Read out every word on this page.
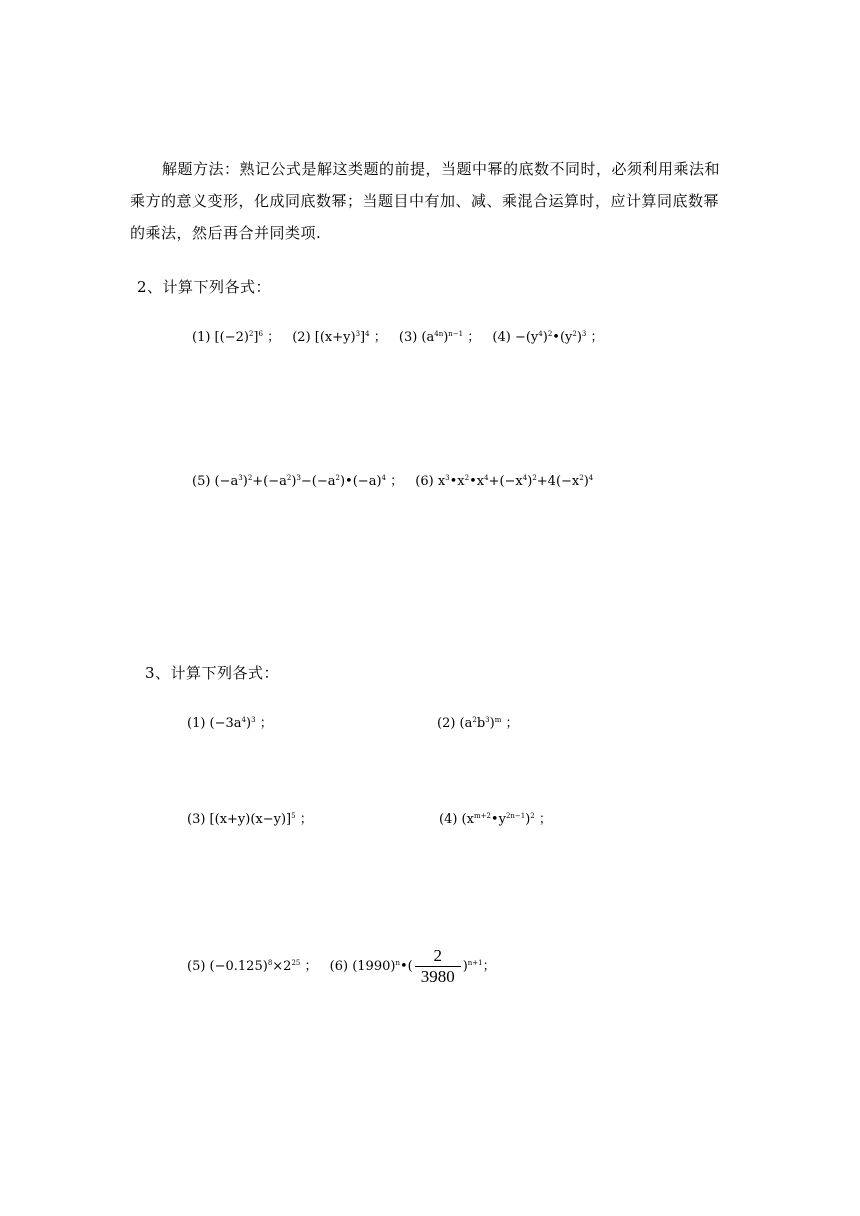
解题方法：熟记公式是解这类题的前提，当题中幂的底数不同时，必须利用乘法和

乘方的意义变形，化成同底数幂；当题目中有加、减、乘混合运算时，应计算同底数幂

的乘法，然后再合并同类项.

2、计算下列各式：
(1) $[(-2)^2]^6$ ； (2) $[(x+y)^3]^4$ ； (3) $(a^{4n})^{n-1}$ ； $(4) -(y^4)^2•(y^2)^3$ ；
(5) $(-a^3)^2+(-a^2)^3-(-a^2)•(-a)^4$ ； (6) $x^3•x^2•x^4+(-x^4)^2+4(-x^2)^4$
3、计算下列各式：
(1) $(-3a^4)^3$ ；	(2) $(a^2b^3)^m$ ；
(3) $[(x+y)(x-y)]^5$ ；	(4) $(x^{m+2}•y^{2n-1})^2$ ；
(5) $(-0.125)^8\times 2^{25}$ ； (6) $(1990)^n•( \frac{2}{3980} )^{n+1}$；
